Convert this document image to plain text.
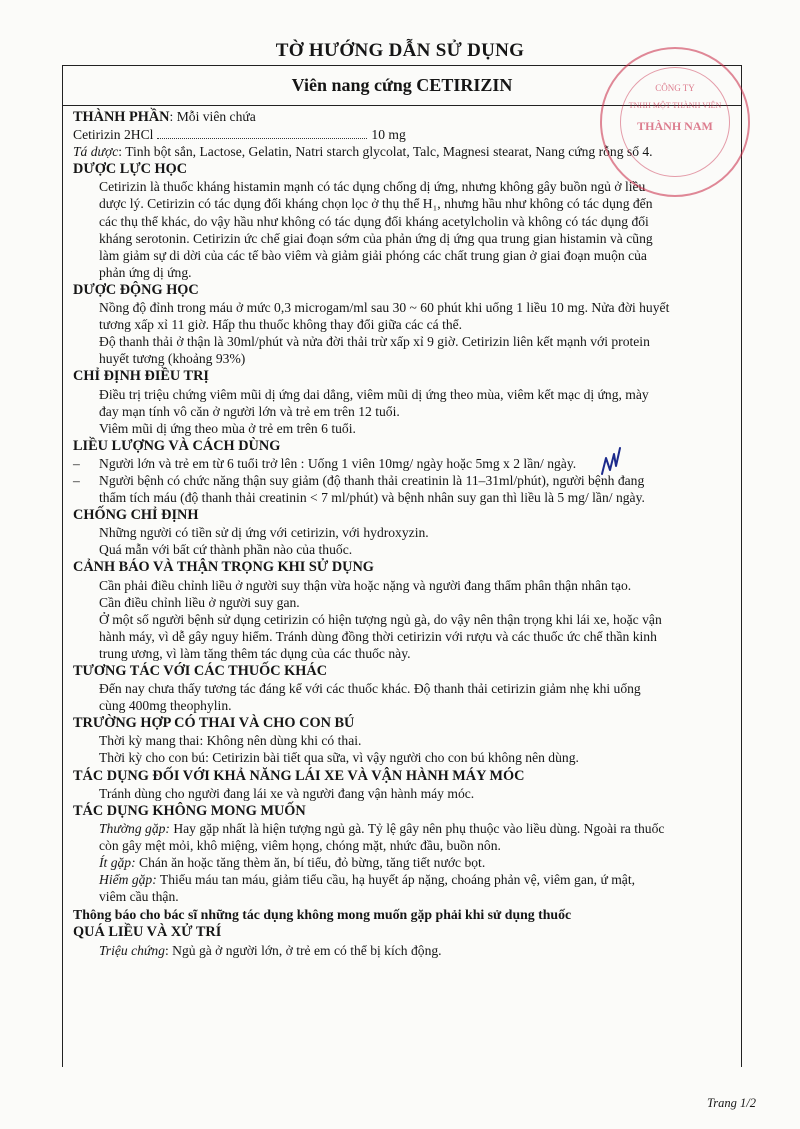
TỜ HƯỚNG DẪN SỬ DỤNG
Viên nang cứng CETIRIZIN
THÀNH PHẦN: Mỗi viên chứa
Cetirizin 2HCl	10 mg
Tá dược: Tinh bột sắn, Lactose, Gelatin, Natri starch glycolat, Talc, Magnesi stearat, Nang cứng rỗng số 4.
DƯỢC LỰC HỌC
Cetirizin là thuốc kháng histamin mạnh có tác dụng chống dị ứng, nhưng không gây buồn ngủ ở liều
dược lý. Cetirizin có tác dụng đối kháng chọn lọc ở thụ thể H₁, nhưng hầu như không có tác dụng đến
các thụ thể khác, do vậy hầu như không có tác dụng đối kháng acetylcholin và không có tác dụng đối
kháng serotonin. Cetirizin ức chế giai đoạn sớm của phản ứng dị ứng qua trung gian histamin và cũng
làm giảm sự di dời của các tế bào viêm và giảm giải phóng các chất trung gian ở giai đoạn muộn của
phản ứng dị ứng.
DƯỢC ĐỘNG HỌC
Nồng độ đỉnh trong máu ở mức 0,3 microgam/ml sau 30 ~ 60 phút khi uống 1 liều 10 mg. Nửa đời huyết
tương xấp xỉ 11 giờ. Hấp thu thuốc không thay đổi giữa các cá thể.
Độ thanh thải ở thận là 30ml/phút và nửa đời thải trừ xấp xỉ 9 giờ. Cetirizin liên kết mạnh với protein
huyết tương (khoảng 93%)
CHỈ ĐỊNH ĐIỀU TRỊ
Điều trị triệu chứng viêm mũi dị ứng dai dẳng, viêm mũi dị ứng theo mùa, viêm kết mạc dị ứng, mày
đay mạn tính vô căn ở người lớn và trẻ em trên 12 tuổi.
Viêm mũi dị ứng theo mùa ở trẻ em trên 6 tuổi.
LIỀU LƯỢNG VÀ CÁCH DÙNG
– Người lớn và trẻ em từ 6 tuổi trở lên : Uống 1 viên 10mg/ ngày hoặc 5mg x 2 lần/ ngày.
– Người bệnh có chức năng thận suy giảm (độ thanh thải creatinin là 11–31ml/phút), người bệnh đang
thẩm tích máu (độ thanh thải creatinin < 7 ml/phút) và bệnh nhân suy gan thì liều là 5 mg/ lần/ ngày.
CHỐNG CHỈ ĐỊNH
Những người có tiền sử dị ứng với cetirizin, với hydroxyzin.
Quá mẫn với bất cứ thành phần nào của thuốc.
CẢNH BÁO VÀ THẬN TRỌNG KHI SỬ DỤNG
Cần phải điều chỉnh liều ở người suy thận vừa hoặc nặng và người đang thẩm phân thận nhân tạo.
Cần điều chỉnh liều ở người suy gan.
Ở một số người bệnh sử dụng cetirizin có hiện tượng ngủ gà, do vậy nên thận trọng khi lái xe, hoặc vận
hành máy, vì dễ gây nguy hiểm. Tránh dùng đồng thời cetirizin với rượu và các thuốc ức chế thần kinh
trung ương, vì làm tăng thêm tác dụng của các thuốc này.
TƯƠNG TÁC VỚI CÁC THUỐC KHÁC
Đến nay chưa thấy tương tác đáng kể với các thuốc khác. Độ thanh thải cetirizin giảm nhẹ khi uống
cùng 400mg theophylin.
TRƯỜNG HỢP CÓ THAI VÀ CHO CON BÚ
Thời kỳ mang thai: Không nên dùng khi có thai.
Thời kỳ cho con bú: Cetirizin bài tiết qua sữa, vì vậy người cho con bú không nên dùng.
TÁC DỤNG ĐỐI VỚI KHẢ NĂNG LÁI XE VÀ VẬN HÀNH MÁY MÓC
Tránh dùng cho người đang lái xe và người đang vận hành máy móc.
TÁC DỤNG KHÔNG MONG MUỐN
Thường gặp: Hay gặp nhất là hiện tượng ngủ gà. Tỷ lệ gây nên phụ thuộc vào liều dùng. Ngoài ra thuốc
còn gây mệt mỏi, khô miệng, viêm họng, chóng mặt, nhức đầu, buồn nôn.
Ít gặp: Chán ăn hoặc tăng thèm ăn, bí tiểu, đỏ bừng, tăng tiết nước bọt.
Hiếm gặp: Thiếu máu tan máu, giảm tiểu cầu, hạ huyết áp nặng, choáng phản vệ, viêm gan, ứ mật,
viêm cầu thận.
Thông báo cho bác sĩ những tác dụng không mong muốn gặp phải khi sử dụng thuốc
QUÁ LIỀU VÀ XỬ TRÍ
Triệu chứng: Ngủ gà ở người lớn, ở trẻ em có thể bị kích động.
CÔNG TY
TNHH MỘT THÀNH VIÊN
THÀNH NAM
Trang 1/2
